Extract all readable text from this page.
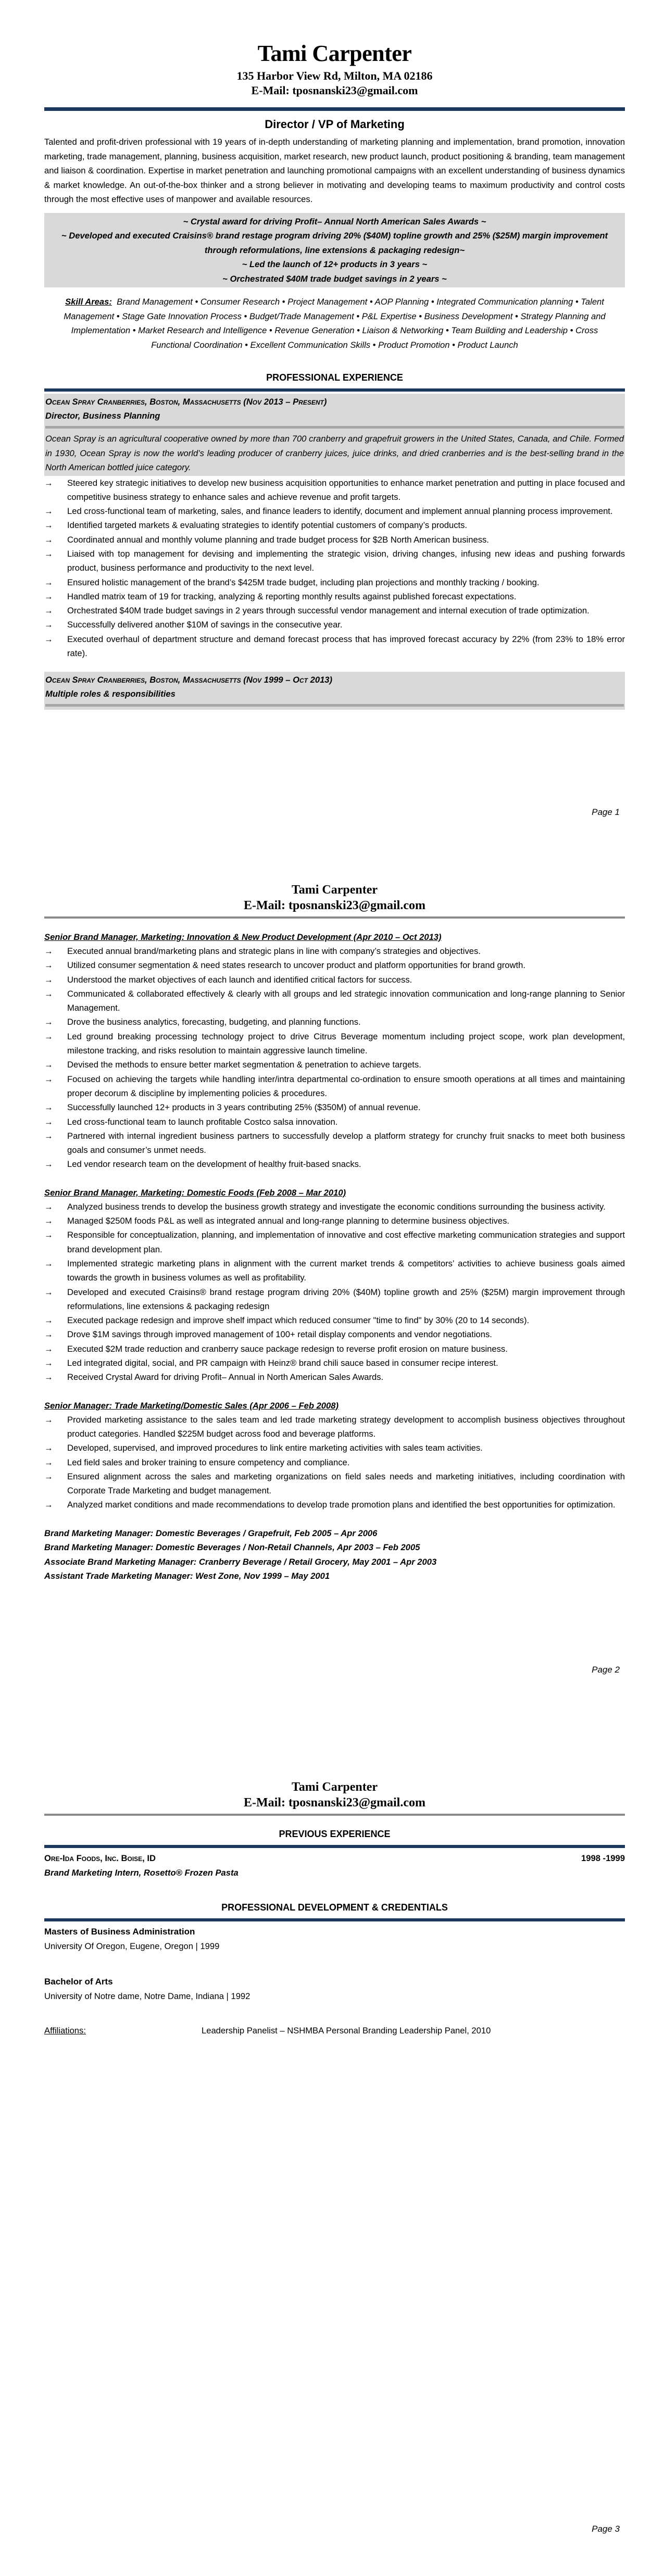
Tami Carpenter
135 Harbor View Rd, Milton, MA 02186
E-Mail: tposnanski23@gmail.com
Director / VP of Marketing
Talented and profit-driven professional with 19 years of in-depth understanding of marketing planning and implementation, brand promotion, innovation marketing, trade management, planning, business acquisition, market research, new product launch, product positioning & branding, team management and liaison & coordination. Expertise in market penetration and launching promotional campaigns with an excellent understanding of business dynamics & market knowledge. An out-of-the-box thinker and a strong believer in motivating and developing teams to maximum productivity and control costs through the most effective uses of manpower and available resources.
~ Crystal award for driving Profit– Annual North American Sales Awards ~
~ Developed and executed Craisins® brand restage program driving 20% ($40M) topline growth and 25% ($25M) margin improvement through reformulations, line extensions & packaging redesign~
~ Led the launch of 12+ products in 3 years ~
~ Orchestrated $40M trade budget savings in 2 years ~
Skill Areas: Brand Management • Consumer Research • Project Management • AOP Planning • Integrated Communication planning • Talent Management • Stage Gate Innovation Process • Budget/Trade Management • P&L Expertise • Business Development • Strategy Planning and Implementation • Market Research and Intelligence • Revenue Generation • Liaison & Networking • Team Building and Leadership • Cross Functional Coordination • Excellent Communication Skills • Product Promotion • Product Launch
PROFESSIONAL EXPERIENCE
Ocean Spray Cranberries, Boston, Massachusetts (Nov 2013 – Present)
Director, Business Planning
Ocean Spray is an agricultural cooperative owned by more than 700 cranberry and grapefruit growers in the United States, Canada, and Chile. Formed in 1930, Ocean Spray is now the world’s leading producer of cranberry juices, juice drinks, and dried cranberries and is the best-selling brand in the North American bottled juice category.
→	Steered key strategic initiatives to develop new business acquisition opportunities to enhance market penetration and putting in place focused and competitive business strategy to enhance sales and achieve revenue and profit targets.
→	Led cross-functional team of marketing, sales, and finance leaders to identify, document and implement annual planning process improvement.
→	Identified targeted markets & evaluating strategies to identify potential customers of company’s products.
→	Coordinated annual and monthly volume planning and trade budget process for $2B North American business.
→	Liaised with top management for devising and implementing the strategic vision, driving changes, infusing new ideas and pushing forwards product, business performance and productivity to the next level.
→	Ensured holistic management of the brand’s $425M trade budget, including plan projections and monthly tracking / booking.
→	Handled matrix team of 19 for tracking, analyzing & reporting monthly results against published forecast expectations.
→	Orchestrated $40M trade budget savings in 2 years through successful vendor management and internal execution of trade optimization.
→	Successfully delivered another $10M of savings in the consecutive year.
→	Executed overhaul of department structure and demand forecast process that has improved forecast accuracy by 22% (from 23% to 18% error rate).
Ocean Spray Cranberries, Boston, Massachusetts (Nov 1999 – Oct 2013)
Multiple roles & responsibilities
Page 1
Tami Carpenter
E-Mail: tposnanski23@gmail.com
Senior Brand Manager, Marketing: Innovation & New Product Development (Apr 2010 – Oct 2013)
→	Executed annual brand/marketing plans and strategic plans in line with company’s strategies and objectives.
→	Utilized consumer segmentation & need states research to uncover product and platform opportunities for brand growth.
→	Understood the market objectives of each launch and identified critical factors for success.
→	Communicated & collaborated effectively & clearly with all groups and led strategic innovation communication and long-range planning to Senior Management.
→	Drove the business analytics, forecasting, budgeting, and planning functions.
→	Led ground breaking processing technology project to drive Citrus Beverage momentum including project scope, work plan development, milestone tracking, and risks resolution to maintain aggressive launch timeline.
→	Devised the methods to ensure better market segmentation & penetration to achieve targets.
→	Focused on achieving the targets while handling inter/intra departmental co-ordination to ensure smooth operations at all times and maintaining proper decorum & discipline by implementing policies & procedures.
→	Successfully launched 12+ products in 3 years contributing 25% ($350M) of annual revenue.
→	Led cross-functional team to launch profitable Costco salsa innovation.
→	Partnered with internal ingredient business partners to successfully develop a platform strategy for crunchy fruit snacks to meet both business goals and consumer’s unmet needs.
→	Led vendor research team on the development of healthy fruit-based snacks.
Senior Brand Manager, Marketing: Domestic Foods (Feb 2008 – Mar 2010)
→	Analyzed business trends to develop the business growth strategy and investigate the economic conditions surrounding the business activity.
→	Managed $250M foods P&L as well as integrated annual and long-range planning to determine business objectives.
→	Responsible for conceptualization, planning, and implementation of innovative and cost effective marketing communication strategies and support brand development plan.
→	Implemented strategic marketing plans in alignment with the current market trends & competitors’ activities to achieve business goals aimed towards the growth in business volumes as well as profitability.
→	Developed and executed Craisins® brand restage program driving 20% ($40M) topline growth and 25% ($25M) margin improvement through reformulations, line extensions & packaging redesign
→	Executed package redesign and improve shelf impact which reduced consumer "time to find" by 30% (20 to 14 seconds).
→	Drove $1M savings through improved management of 100+ retail display components and vendor negotiations.
→	Executed $2M trade reduction and cranberry sauce package redesign to reverse profit erosion on mature business.
→	Led integrated digital, social, and PR campaign with Heinz® brand chili sauce based in consumer recipe interest.
→	Received Crystal Award for driving Profit– Annual in North American Sales Awards.
Senior Manager: Trade Marketing/Domestic Sales (Apr 2006 – Feb 2008)
→	Provided marketing assistance to the sales team and led trade marketing strategy development to accomplish business objectives throughout product categories. Handled $225M budget across food and beverage platforms.
→	Developed, supervised, and improved procedures to link entire marketing activities with sales team activities.
→	Led field sales and broker training to ensure competency and compliance.
→	Ensured alignment across the sales and marketing organizations on field sales needs and marketing initiatives, including coordination with Corporate Trade Marketing and budget management.
→	Analyzed market conditions and made recommendations to develop trade promotion plans and identified the best opportunities for optimization.
Brand Marketing Manager: Domestic Beverages / Grapefruit, Feb 2005 – Apr 2006
Brand Marketing Manager: Domestic Beverages / Non-Retail Channels, Apr 2003 – Feb 2005
Associate Brand Marketing Manager: Cranberry Beverage / Retail Grocery, May 2001 – Apr 2003
Assistant Trade Marketing Manager: West Zone, Nov 1999 – May 2001
Page 2
Tami Carpenter
E-Mail: tposnanski23@gmail.com
PREVIOUS EXPERIENCE
Ore-Ida Foods, Inc. Boise, ID	1998 -1999
Brand Marketing Intern, Rosetto® Frozen Pasta
PROFESSIONAL DEVELOPMENT & CREDENTIALS
Masters of Business Administration
University Of Oregon, Eugene, Oregon | 1999
Bachelor of Arts
University of Notre dame, Notre Dame, Indiana | 1992
Affiliations:	Leadership Panelist – NSHMBA Personal Branding Leadership Panel, 2010
Page 3
